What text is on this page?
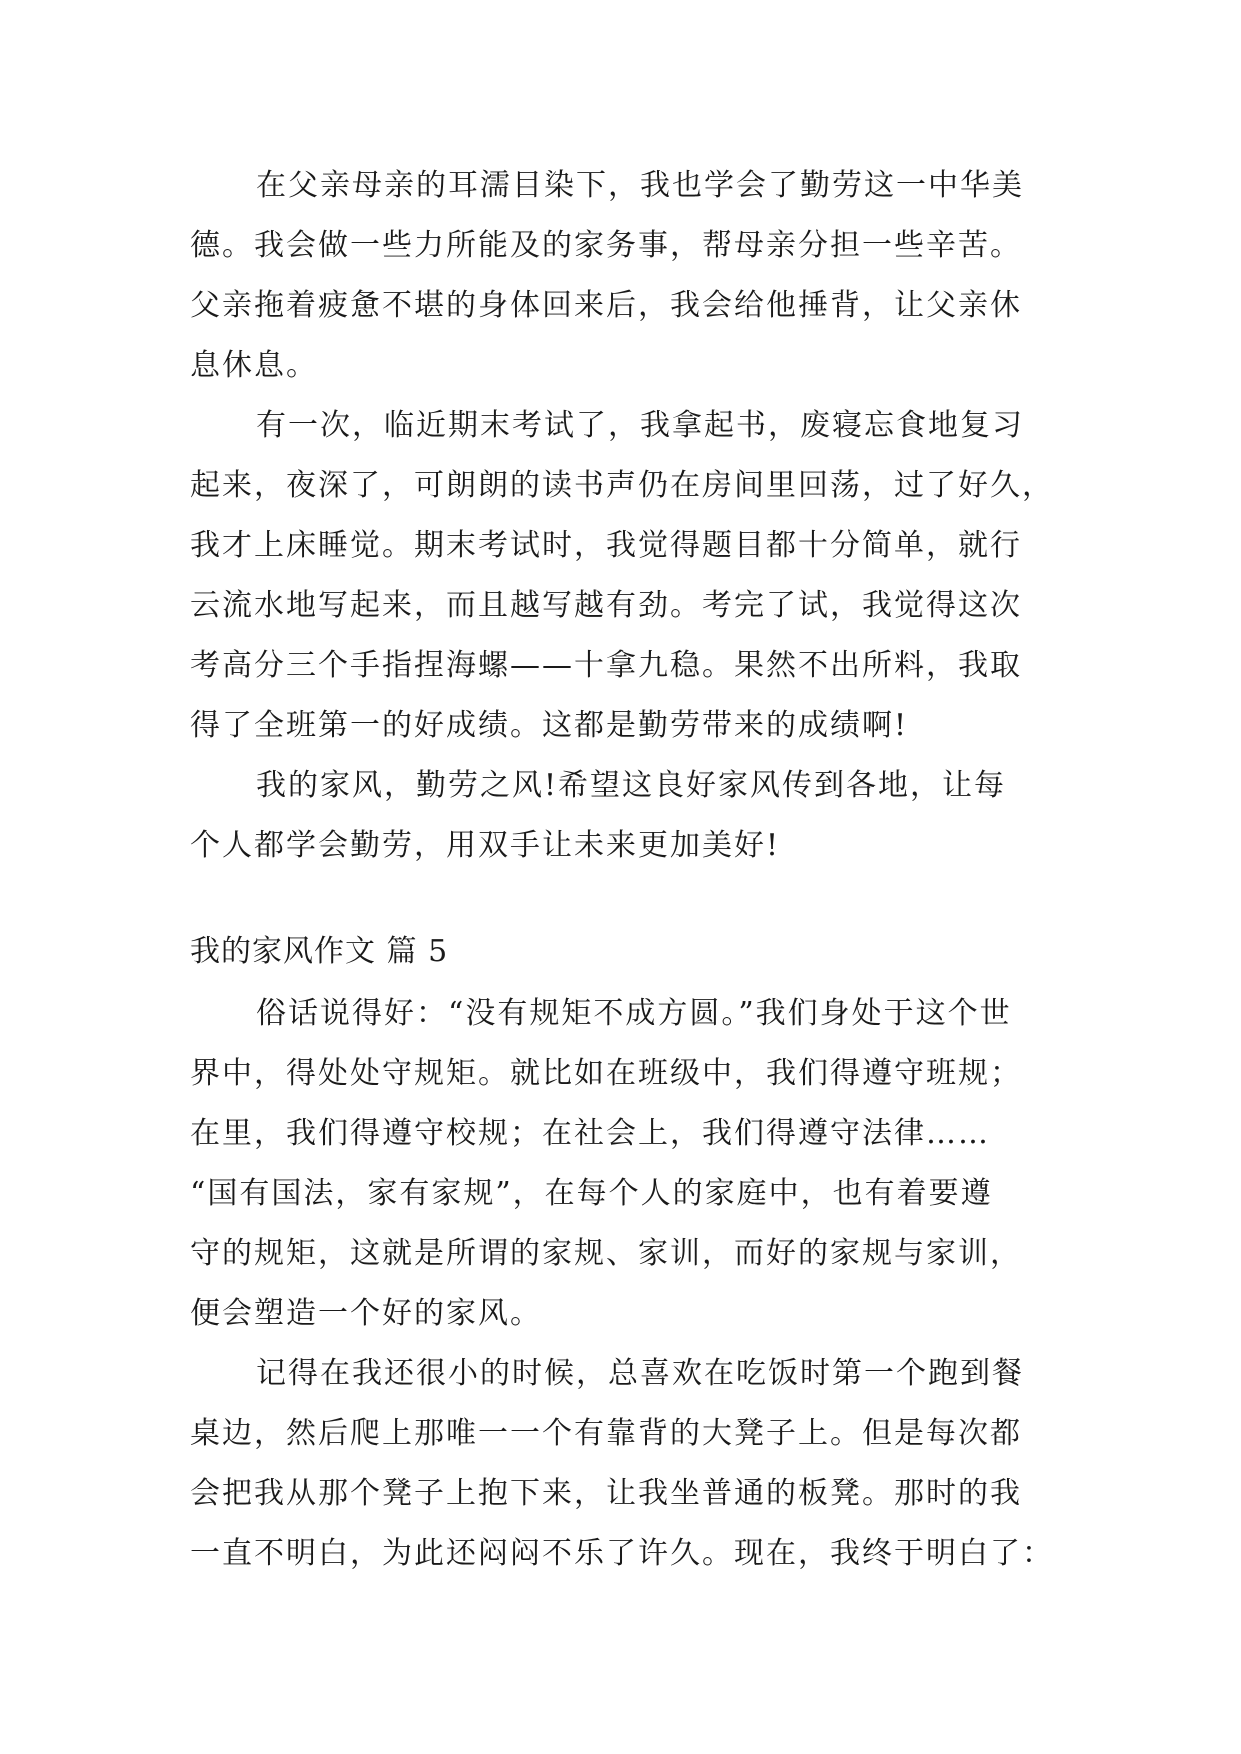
在父亲母亲的耳濡目染下，我也学会了勤劳这一中华美
德。我会做一些力所能及的家务事，帮母亲分担一些辛苦。
父亲拖着疲惫不堪的身体回来后，我会给他捶背，让父亲休
息休息。
有一次，临近期末考试了，我拿起书，废寝忘食地复习
起来，夜深了，可朗朗的读书声仍在房间里回荡，过了好久，
我才上床睡觉。期末考试时，我觉得题目都十分简单，就行
云流水地写起来，而且越写越有劲。考完了试，我觉得这次
考高分三个手指捏海螺——十拿九稳。果然不出所料，我取
得了全班第一的好成绩。这都是勤劳带来的成绩啊!
我的家风，勤劳之风!希望这良好家风传到各地，让每
个人都学会勤劳，用双手让未来更加美好!
我的家风作文 篇 5
俗话说得好：“没有规矩不成方圆。”我们身处于这个世
界中，得处处守规矩。就比如在班级中，我们得遵守班规；
在里，我们得遵守校规；在社会上，我们得遵守法律……
“国有国法，家有家规”，在每个人的家庭中，也有着要遵
守的规矩，这就是所谓的家规、家训，而好的家规与家训，
便会塑造一个好的家风。
记得在我还很小的时候，总喜欢在吃饭时第一个跑到餐
桌边，然后爬上那唯一一个有靠背的大凳子上。但是每次都
会把我从那个凳子上抱下来，让我坐普通的板凳。那时的我
一直不明白，为此还闷闷不乐了许久。现在，我终于明白了：
